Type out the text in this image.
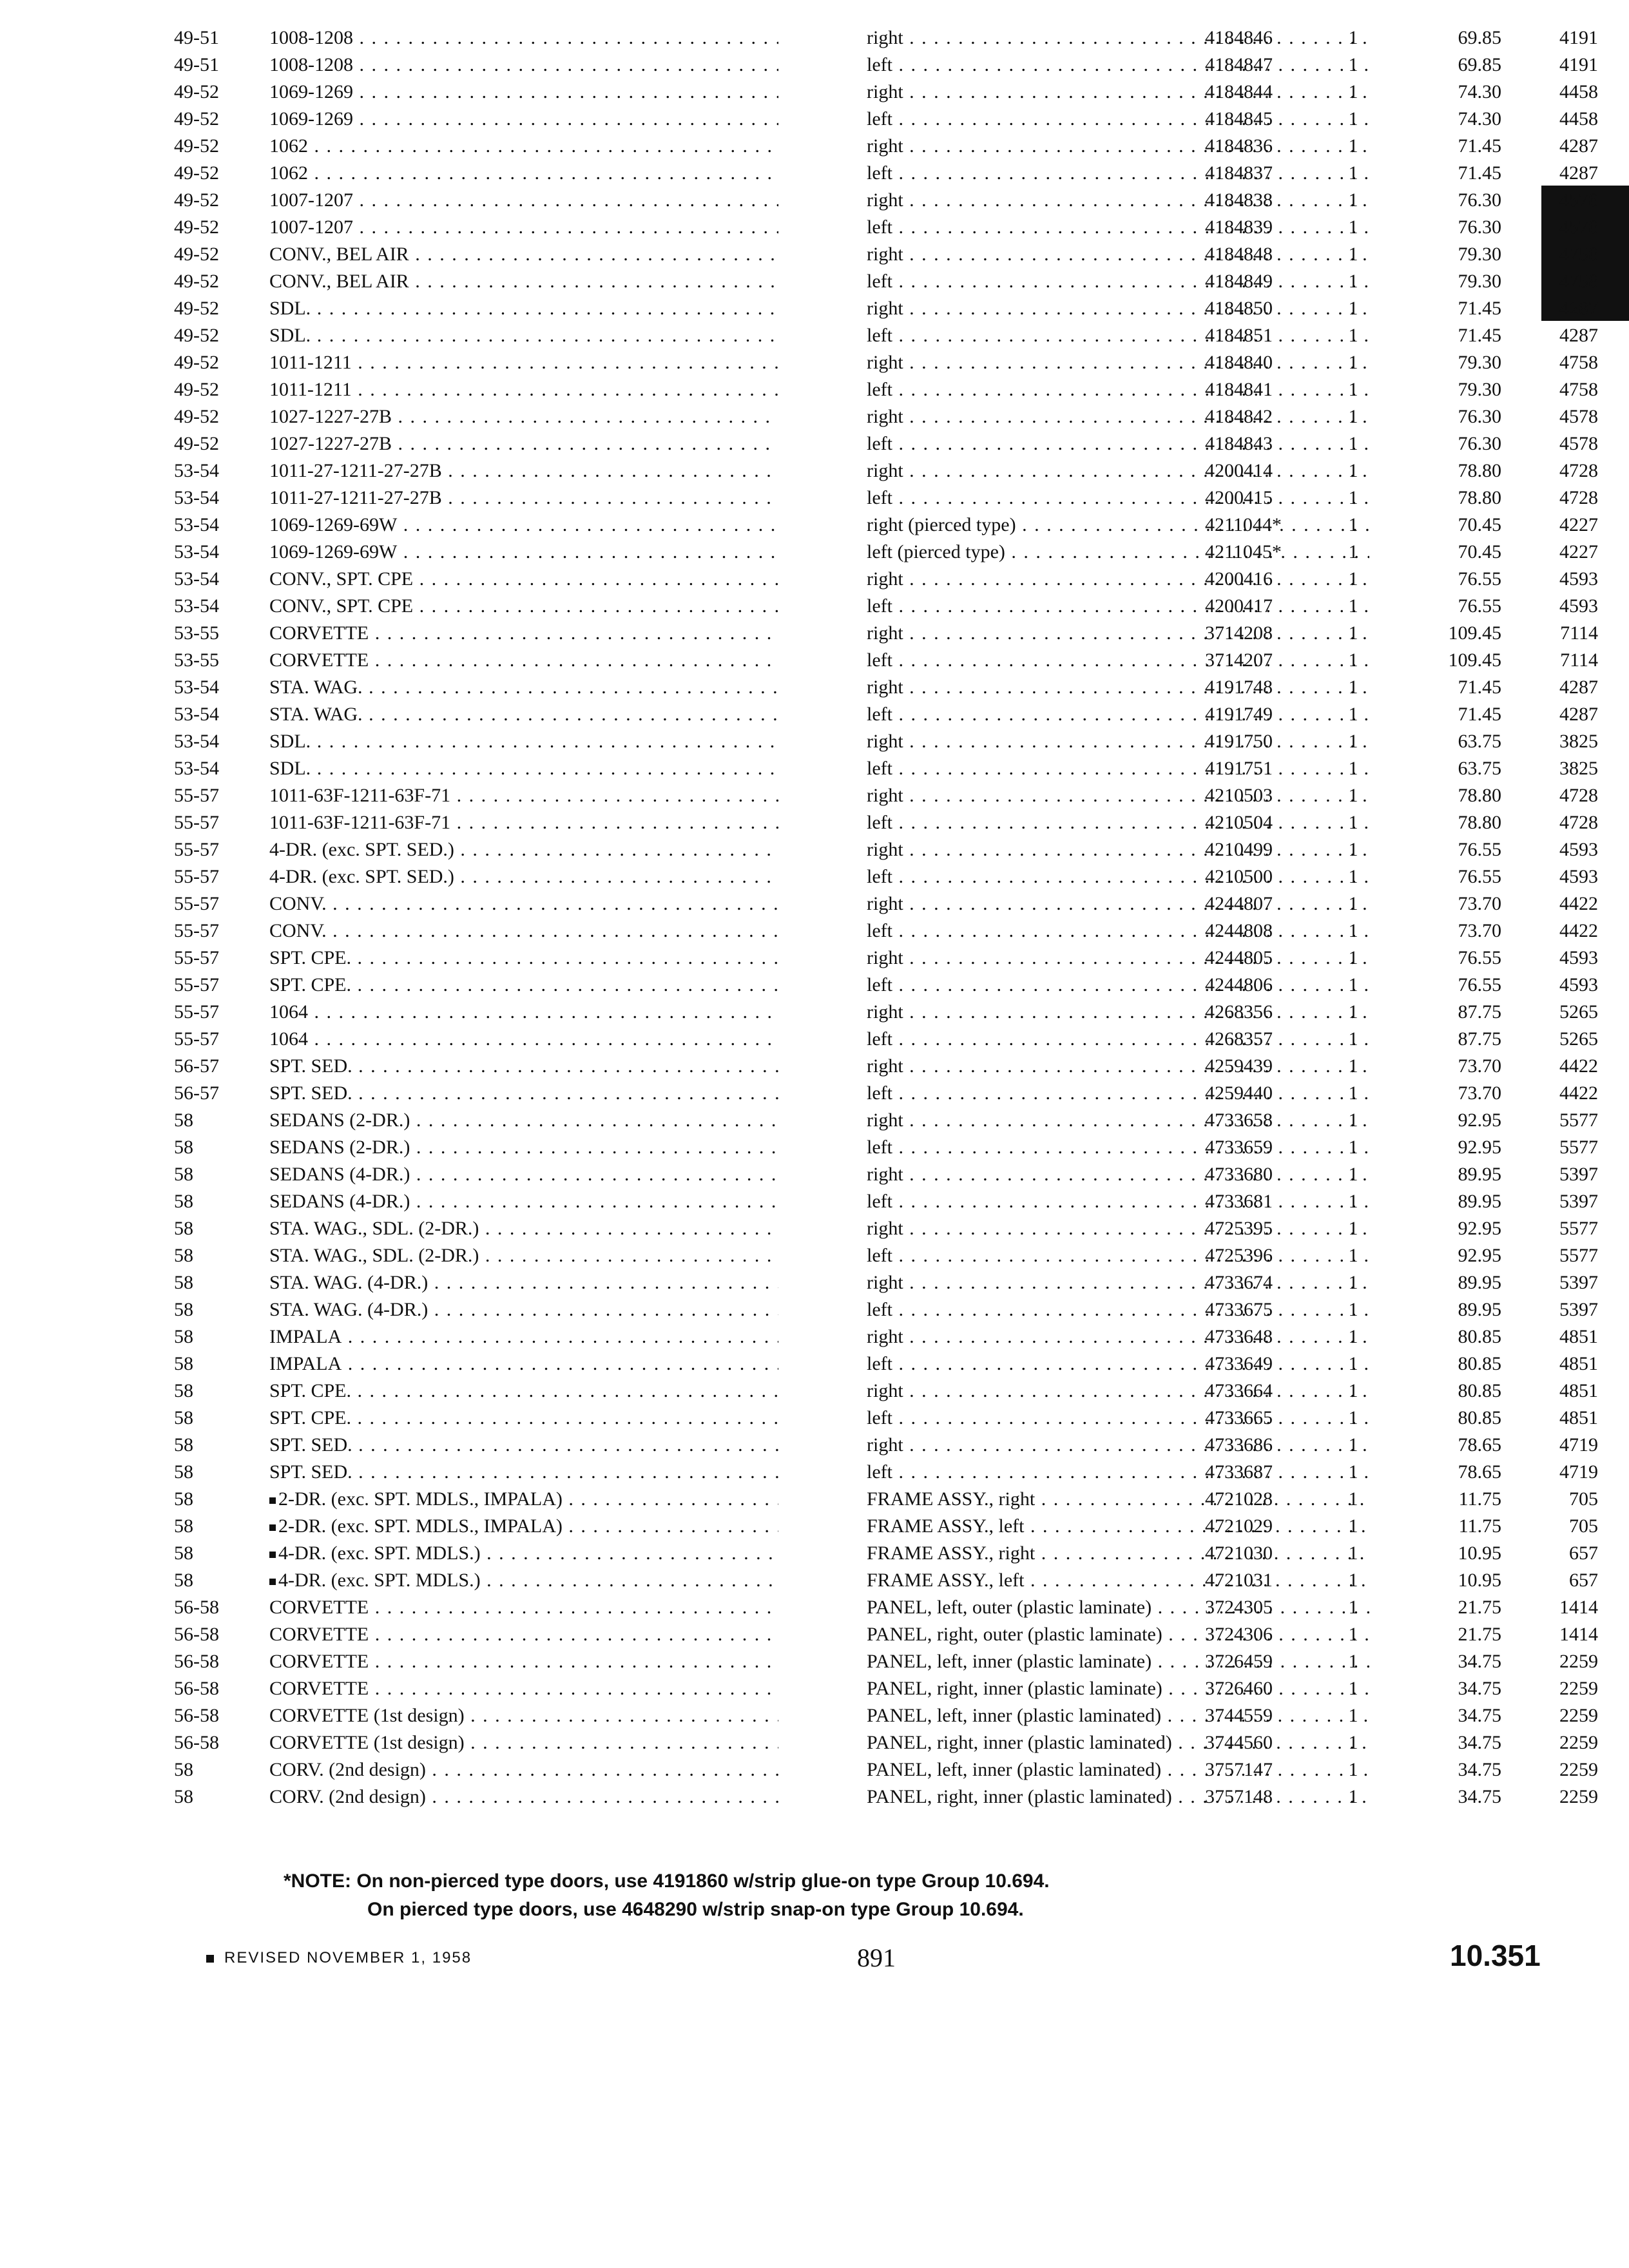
49-51	1008-1208 . . .	right . . .	4184846	1	69.85	4191
49-51	1008-1208 . . .	left . . .	4184847	1	69.85	4191
49-52	1069-1269 . . .	right . . .	4184844	1	74.30	4458
49-52	1069-1269 . . .	left . . .	4184845	1	74.30	4458
49-52	1062 . . .	right . . .	4184836	1	71.45	4287
49-52	1062 . . .	left . . .	4184837	1	71.45	4287
49-52	1007-1207 . . .	right . . .	4184838	1	76.30	4578
49-52	1007-1207 . . .	left . . .	4184839	1	76.30	4578
49-52	CONV., BEL AIR . . .	right . . .	4184848	1	79.30	4758
49-52	CONV., BEL AIR . . .	left . . .	4184849	1	79.30	4758
49-52	SDL. . . .	right . . .	4184850	1	71.45	4287
49-52	SDL. . . .	left . . .	4184851	1	71.45	4287
49-52	1011-1211 . . .	right . . .	4184840	1	79.30	4758
49-52	1011-1211 . . .	left . . .	4184841	1	79.30	4758
49-52	1027-1227-27B . . .	right . . .	4184842	1	76.30	4578
49-52	1027-1227-27B . . .	left . . .	4184843	1	76.30	4578
53-54	1011-27-1211-27-27B . . .	right . . .	4200414	1	78.80	4728
53-54	1011-27-1211-27-27B . . .	left . . .	4200415	1	78.80	4728
53-54	1069-1269-69W . . .	right (pierced type) . . .	4211044*	1	70.45	4227
53-54	1069-1269-69W . . .	left (pierced type) . . .	4211045*	1	70.45	4227
53-54	CONV., SPT. CPE . . .	right . . .	4200416	1	76.55	4593
53-54	CONV., SPT. CPE . . .	left . . .	4200417	1	76.55	4593
53-55	CORVETTE . . .	right . . .	3714208	1	109.45	7114
53-55	CORVETTE . . .	left . . .	3714207	1	109.45	7114
53-54	STA. WAG. . . .	right . . .	4191748	1	71.45	4287
53-54	STA. WAG. . . .	left . . .	4191749	1	71.45	4287
53-54	SDL. . . .	right . . .	4191750	1	63.75	3825
53-54	SDL. . . .	left . . .	4191751	1	63.75	3825
55-57	1011-63F-1211-63F-71 . . .	right . . .	4210503	1	78.80	4728
55-57	1011-63F-1211-63F-71 . . .	left . . .	4210504	1	78.80	4728
55-57	4-DR. (exc. SPT. SED.) . . .	right . . .	4210499	1	76.55	4593
55-57	4-DR. (exc. SPT. SED.) . . .	left . . .	4210500	1	76.55	4593
55-57	CONV. . . .	right . . .	4244807	1	73.70	4422
55-57	CONV. . . .	left . . .	4244808	1	73.70	4422
55-57	SPT. CPE. . . .	right . . .	4244805	1	76.55	4593
55-57	SPT. CPE. . . .	left . . .	4244806	1	76.55	4593
55-57	1064 . . .	right . . .	4268356	1	87.75	5265
55-57	1064 . . .	left . . .	4268357	1	87.75	5265
56-57	SPT. SED. . . .	right . . .	4259439	1	73.70	4422
56-57	SPT. SED. . . .	left . . .	4259440	1	73.70	4422
58	SEDANS (2-DR.) . . .	right . . .	4733658	1	92.95	5577
58	SEDANS (2-DR.) . . .	left . . .	4733659	1	92.95	5577
58	SEDANS (4-DR.) . . .	right . . .	4733680	1	89.95	5397
58	SEDANS (4-DR.) . . .	left . . .	4733681	1	89.95	5397
58	STA. WAG., SDL. (2-DR.) . . .	right . . .	4725395	1	92.95	5577
58	STA. WAG., SDL. (2-DR.) . . .	left . . .	4725396	1	92.95	5577
58	STA. WAG. (4-DR.) . . .	right . . .	4733674	1	89.95	5397
58	STA. WAG. (4-DR.) . . .	left . . .	4733675	1	89.95	5397
58	IMPALA . . .	right . . .	4733648	1	80.85	4851
58	IMPALA . . .	left . . .	4733649	1	80.85	4851
58	SPT. CPE. . . .	right . . .	4733664	1	80.85	4851
58	SPT. CPE. . . .	left . . .	4733665	1	80.85	4851
58	SPT. SED. . . .	right . . .	4733686	1	78.65	4719
58	SPT. SED. . . .	left . . .	4733687	1	78.65	4719
58	2-DR. (exc. SPT. MDLS., IMPALA) . . .	FRAME ASSY., right . . .	4721028	1	11.75	705
58	2-DR. (exc. SPT. MDLS., IMPALA) . . .	FRAME ASSY., left . . .	4721029	1	11.75	705
58	4-DR. (exc. SPT. MDLS.) . . .	FRAME ASSY., right . . .	4721030	1	10.95	657
58	4-DR. (exc. SPT. MDLS.) . . .	FRAME ASSY., left . . .	4721031	1	10.95	657
56-58	CORVETTE . . .	PANEL, left, outer (plastic laminate) . . .	3724305	1	21.75	1414
56-58	CORVETTE . . .	PANEL, right, outer (plastic laminate) . . .	3724306	1	21.75	1414
56-58	CORVETTE . . .	PANEL, left, inner (plastic laminate) . . .	3726459	1	34.75	2259
56-58	CORVETTE . . .	PANEL, right, inner (plastic laminate) . . .	3726460	1	34.75	2259
56-58	CORVETTE (1st design) . . .	PANEL, left, inner (plastic laminated) . . .	3744559	1	34.75	2259
56-58	CORVETTE (1st design) . . .	PANEL, right, inner (plastic laminated) . . .	3744560	1	34.75	2259
58	CORV. (2nd design) . . .	PANEL, left, inner (plastic laminated) . . .	3757147	1	34.75	2259
58	CORV. (2nd design) . . .	PANEL, right, inner (plastic laminated) . . .	3757148	1	34.75	2259
*NOTE: On non-pierced type doors, use 4191860 w/strip glue-on type Group 10.694.
On pierced type doors, use 4648290 w/strip snap-on type Group 10.694.
REVISED NOVEMBER 1, 1958	891	10.351
